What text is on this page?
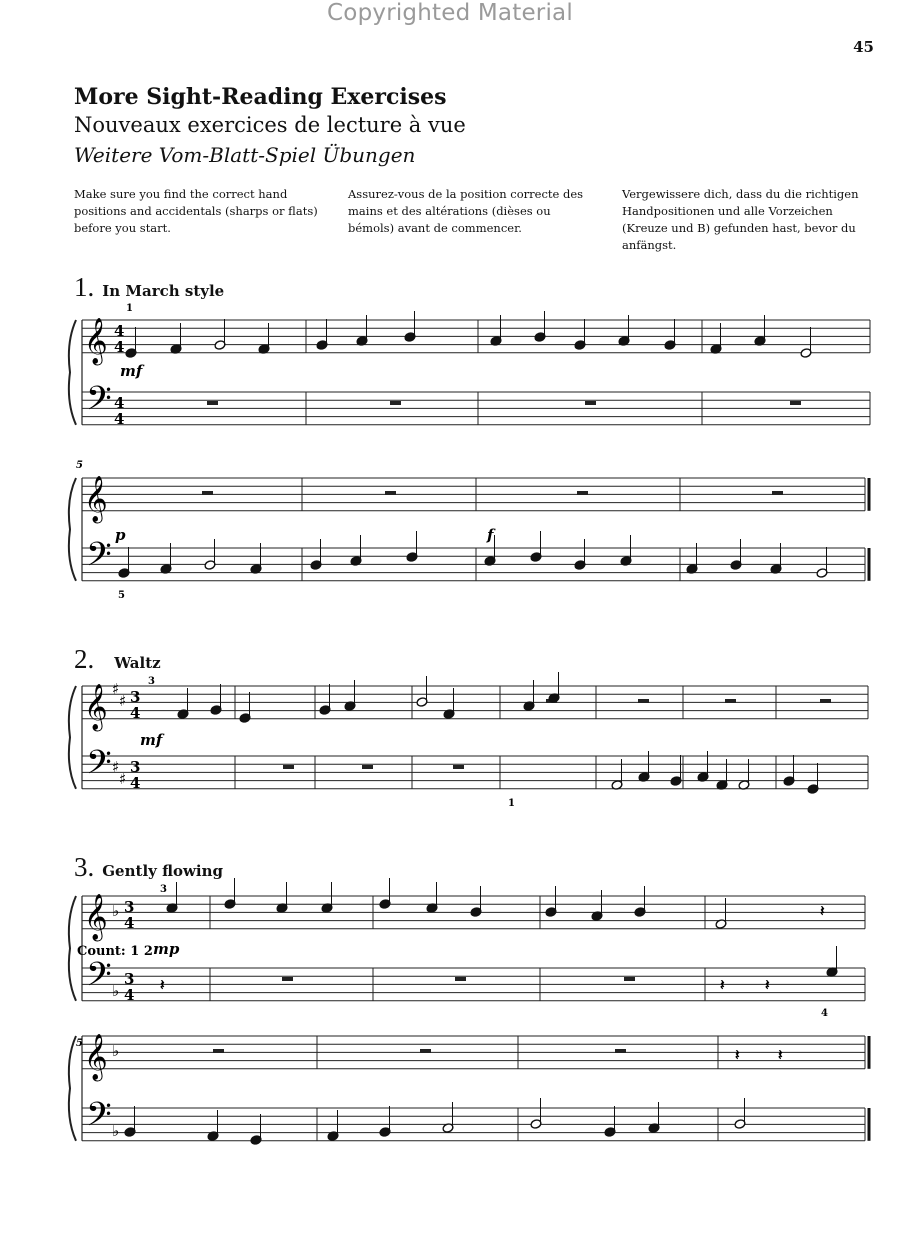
Copyrighted Material
45
More Sight-Reading Exercises
Nouveaux exercices de lecture à vue
Weitere Vom-Blatt-Spiel Übungen
Make sure you find the correct hand positions and accidentals (sharps or flats) before you start.
Assurez-vous de la position correcte des mains et des altérations (dièses ou bémols) avant de commencer.
Vergewissere dich, dass du die richtigen Handpositionen und alle Vorzeichen (Kreuze und B) gefunden hast, bevor du anfängst.
1. In March style
2. Waltz
3. Gently flowing
𝄞
𝄢
4
4
4
4
𝄞
𝄢
𝄞
𝄢
♯
♯
♯
♯
3
4
3
4
𝄞
𝄢
♭
♭
3
4
3
4
𝄽	𝄽	𝄽
𝄽
𝄞
𝄢
♭
♭
𝄽	𝄽
1
mf
5
p	f
5
3
mf
1
3
Count: 1 2 mp
4
5
